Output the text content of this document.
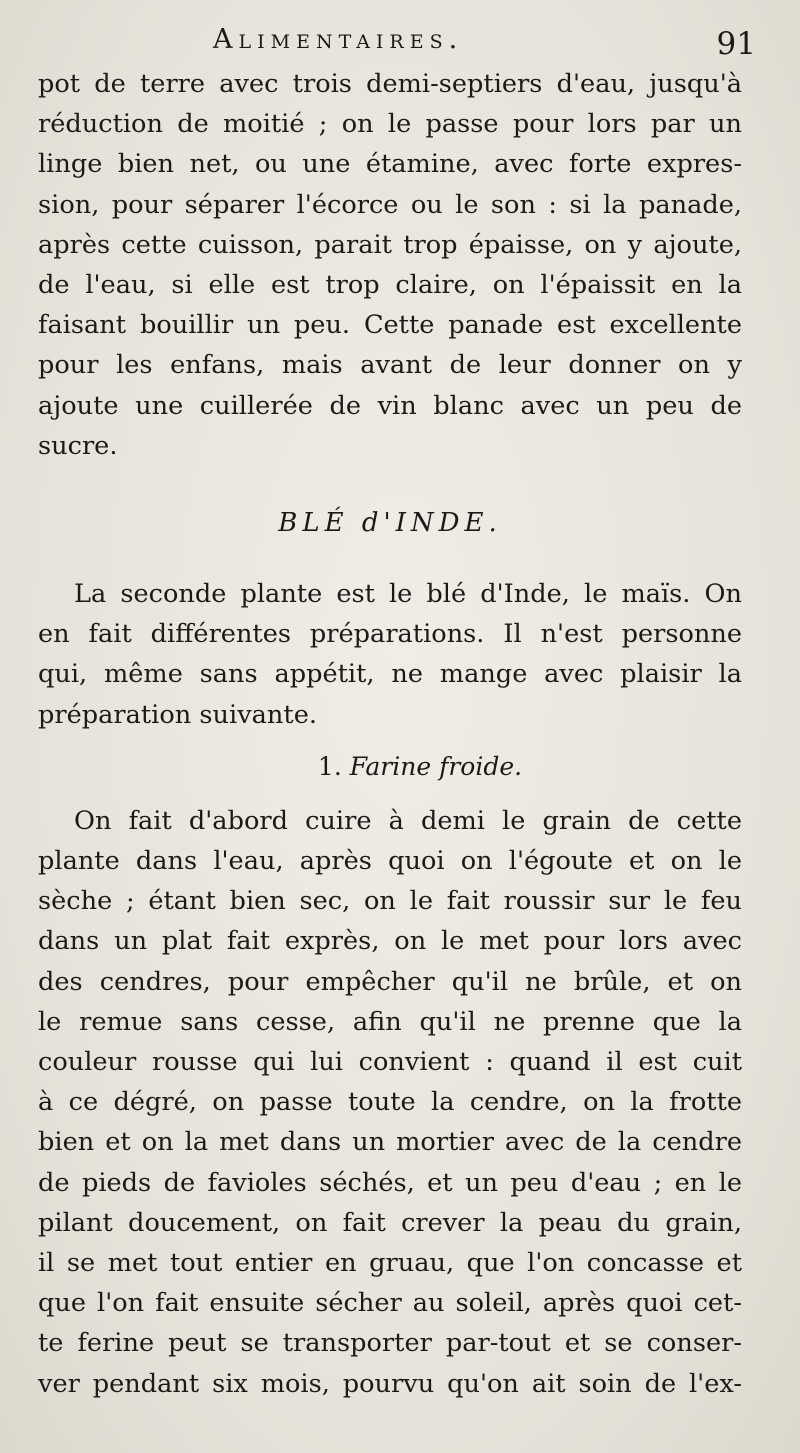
Alimentaires.	91

pot de terre avec trois demi-septiers d'eau, jusqu'à
réduction de moitié ; on le passe pour lors par un
linge bien net, ou une étamine, avec forte expres-
sion, pour séparer l'écorce ou le son : si la panade,
après cette cuisson, parait trop épaisse, on y ajoute,
de l'eau, si elle est trop claire, on l'épaissit en la
faisant bouillir un peu. Cette panade est excellente
pour les enfans, mais avant de leur donner on y
ajoute une cuillerée de vin blanc avec un peu de
sucre.

BLÉ d'INDE.

La seconde plante est le blé d'Inde, le maïs. On
en fait différentes préparations. Il n'est personne
qui, même sans appétit, ne mange avec plaisir la
préparation suivante.

1. Farine froide.

On fait d'abord cuire à demi le grain de cette
plante dans l'eau, après quoi on l'égoute et on le
sèche ; étant bien sec, on le fait roussir sur le feu
dans un plat fait exprès, on le met pour lors avec
des cendres, pour empêcher qu'il ne brûle, et on
le remue sans cesse, afin qu'il ne prenne que la
couleur rousse qui lui convient : quand il est cuit
à ce dégré, on passe toute la cendre, on la frotte
bien et on la met dans un mortier avec de la cendre
de pieds de favioles séchés, et un peu d'eau ; en le
pilant doucement, on fait crever la peau du grain,
il se met tout entier en gruau, que l'on concasse et
que l'on fait ensuite sécher au soleil, après quoi cet-
te ferine peut se transporter par-tout et se conser-
ver pendant six mois, pourvu qu'on ait soin de l'ex-
